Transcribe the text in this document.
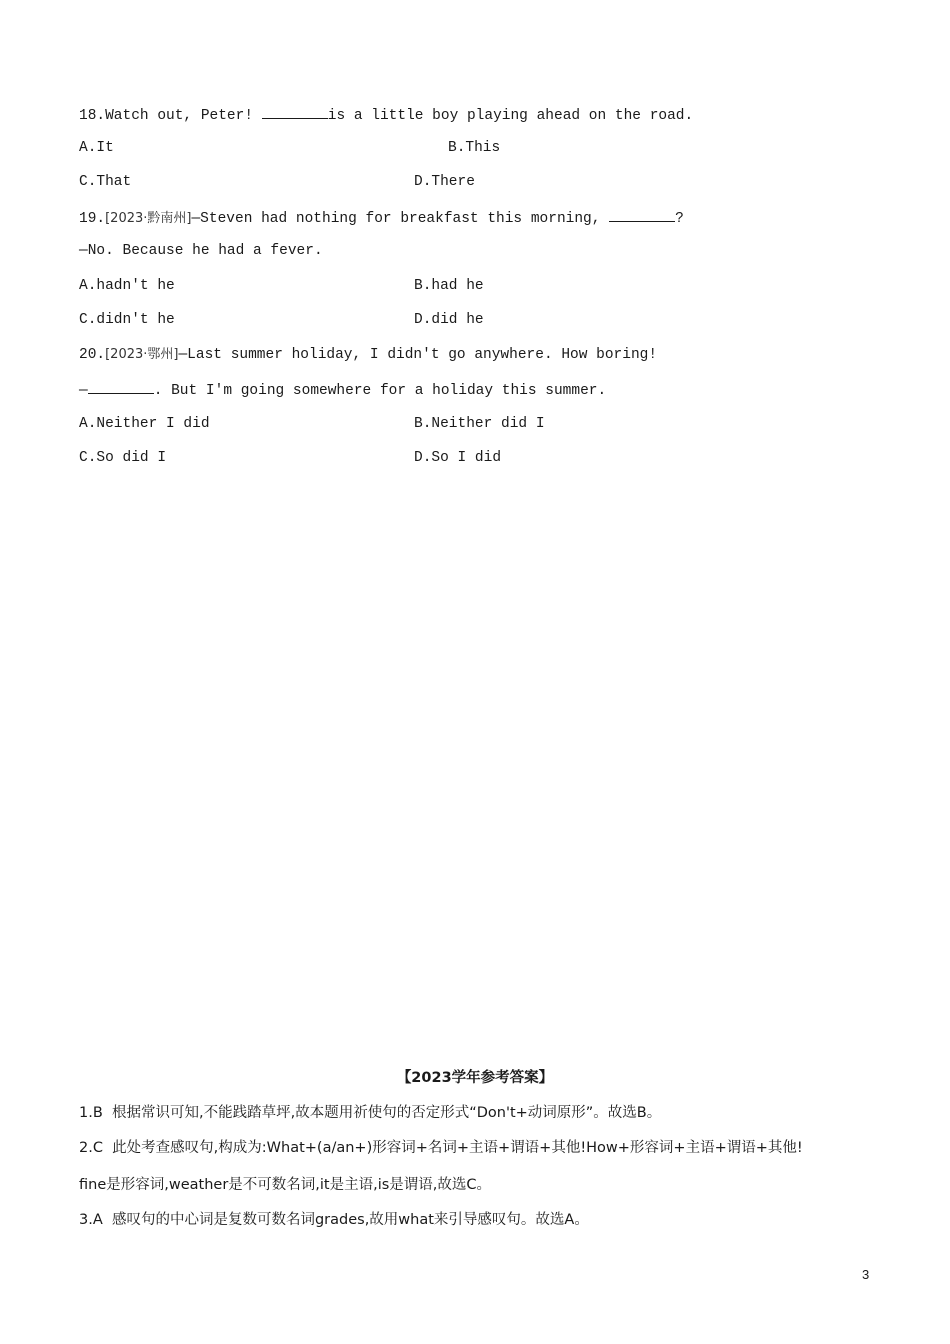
18.Watch out, Peter!	is a little boy playing ahead on the road.
A.It	B.This
C.That	D.There
19.[2023·黔南州]—Steven had nothing for breakfast this morning,	?
—No. Because he had a fever.
A.hadn't he	B.had he
C.didn't he	D.did he
20.[2023·鄂州]—Last summer holiday, I didn't go anywhere. How boring!
—	. But I'm going somewhere for a holiday this summer.
A.Neither I did	B.Neither did I
C.So did I	D.So I did
【2023学年参考答案】
1.B  根据常识可知,不能践踏草坪,故本题用祈使句的否定形式“Don't+动词原形”。故选B。
2.C  此处考查感叹句,构成为:What+(a/an+)形容词+名词+主语+谓语+其他!How+形容词+主语+谓语+其他!
fine是形容词,weather是不可数名词,it是主语,is是谓语,故选C。
3.A  感叹句的中心词是复数可数名词grades,故用what来引导感叹句。故选A。
3
